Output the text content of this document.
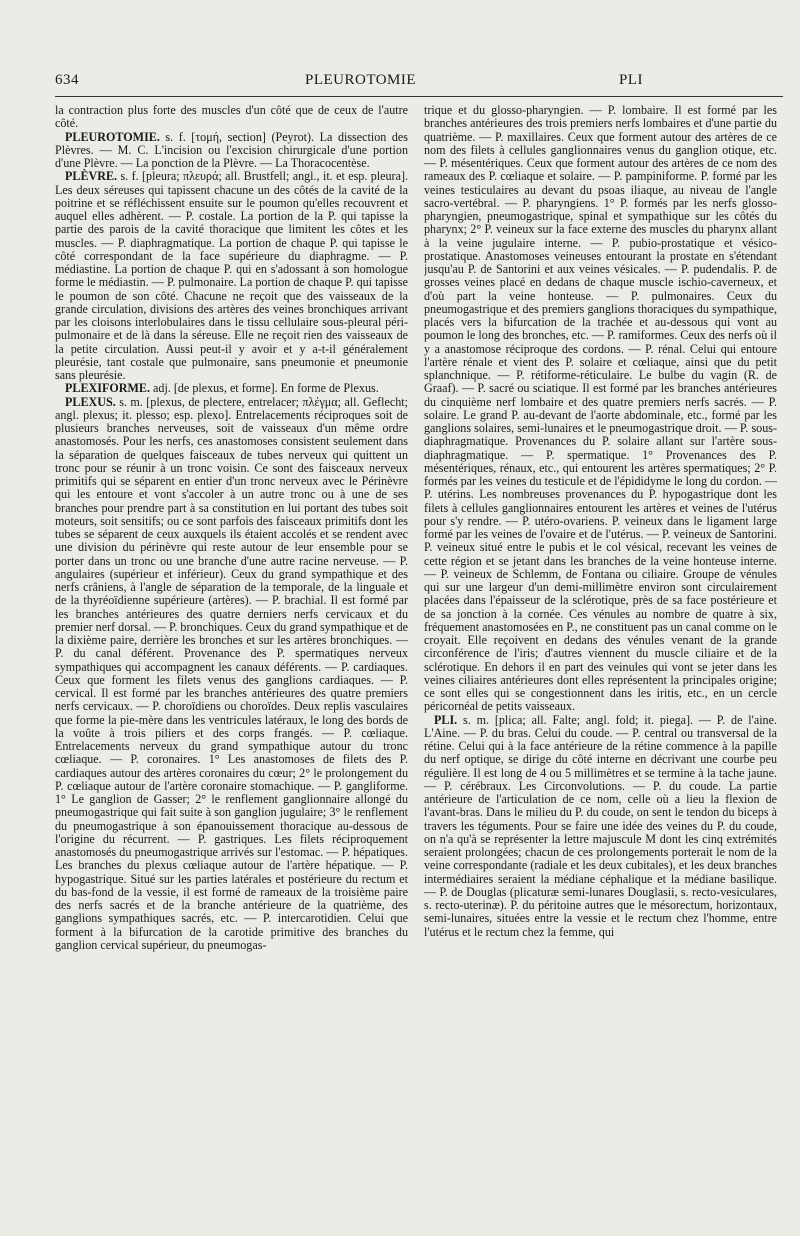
634	PLEUROTOMIE	PLI

la contraction plus forte des muscles d'un côté que de ceux de l'autre côté.

PLEUROTOMIE. s. f. [τομή, section] (Peyrot). La dissection des Plèvres. — M. C. L'incision ou l'excision chirurgicale d'une portion d'une Plèvre. — La ponction de la Plèvre. — La Thoracocentèse.

PLÈVRE. s. f. [pleura; πλευρά; all. Brustfell; angl., it. et esp. pleura]. Les deux séreuses qui tapissent chacune un des côtés de la cavité de la poitrine et se réfléchissent ensuite sur le poumon qu'elles recouvrent et auquel elles adhèrent. — P. costale. La portion de la P. qui tapisse la partie des parois de la cavité thoracique que limitent les côtes et les muscles. — P. diaphragmatique. La portion de chaque P. qui tapisse le côté correspondant de la face supérieure du diaphragme. — P. médiastine. La portion de chaque P. qui en s'adossant à son homologue forme le médiastin. — P. pulmonaire. La portion de chaque P. qui tapisse le poumon de son côté. Chacune ne reçoit que des vaisseaux de la grande circulation, divisions des artères des veines bronchiques arrivant par les cloisons interlobulaires dans le tissu cellulaire sous-pleural péri-pulmonaire et de là dans la séreuse. Elle ne reçoit rien des vaisseaux de la petite circulation. Aussi peut-il y avoir et y a-t-il généralement pleurésie, tant costale que pulmonaire, sans pneumonie et pneumonie sans pleurésie.

PLEXIFORME. adj. [de plexus, et forme]. En forme de Plexus.

PLEXUS. s. m. [plexus, de plectere, entrelacer; πλέγμα; all. Geflecht; angl. plexus; it. plesso; esp. plexo]. Entrelacements réciproques soit de plusieurs branches nerveuses, soit de vaisseaux d'un même ordre anastomosés. Pour les nerfs, ces anastomoses consistent seulement dans la séparation de quelques faisceaux de tubes nerveux qui quittent un tronc pour se réunir à un tronc voisin. Ce sont des faisceaux nerveux primitifs qui se séparent en entier d'un tronc nerveux avec le Périnèvre qui les entoure et vont s'accoler à un autre tronc ou à une de ses branches pour prendre part à sa constitution en lui portant des tubes soit moteurs, soit sensitifs; ou ce sont parfois des faisceaux primitifs dont les tubes se séparent de ceux auxquels ils étaient accolés et se rendent avec une division du périnèvre qui reste autour de leur ensemble pour se porter dans un tronc ou une branche d'une autre racine nerveuse. — P. angulaires (supérieur et inférieur). Ceux du grand sympathique et des nerfs crâniens, à l'angle de séparation de la temporale, de la linguale et de la thyréoïdienne supérieure (artères). — P. brachial. Il est formé par les branches antérieures des quatre derniers nerfs cervicaux et du premier nerf dorsal. — P. bronchiques. Ceux du grand sympathique et de la dixième paire, derrière les bronches et sur les artères bronchiques. — P. du canal déférent. Provenance des P. spermatiques nerveux sympathiques qui accompagnent les canaux déférents. — P. cardiaques. Ceux que forment les filets venus des ganglions cardiaques. — P. cervical. Il est formé par les branches antérieures des quatre premiers nerfs cervicaux. — P. choroïdiens ou choroïdes. Deux replis vasculaires que forme la pie-mère dans les ventricules latéraux, le long des bords de la voûte à trois piliers et des corps frangés. — P. cœliaque. Entrelacements nerveux du grand sympathique autour du tronc cœliaque. — P. coronaires. 1° Les anastomoses de filets des P. cardiaques autour des artères coronaires du cœur; 2° le prolongement du P. cœliaque autour de l'artère coronaire stomachique. — P. gangliforme. 1° Le ganglion de Gasser; 2° le renflement ganglionnaire allongé du pneumogastrique qui fait suite à son ganglion jugulaire; 3° le renflement du pneumogastrique à son épanouissement thoracique au-dessous de l'origine du récurrent. — P. gastriques. Les filets réciproquement anastomosés du pneumogastrique arrivés sur l'estomac. — P. hépatiques. Les branches du plexus cœliaque autour de l'artère hépatique. — P. hypogastrique. Situé sur les parties latérales et postérieure du rectum et du bas-fond de la vessie, il est formé de rameaux de la troisième paire des nerfs sacrés et de la branche antérieure de la quatrième, des ganglions sympathiques sacrés, etc. — P. intercarotidien. Celui que forment à la bifurcation de la carotide primitive des branches du ganglion cervical supérieur, du pneumogas-

trique et du glosso-pharyngien. — P. lombaire. Il est formé par les branches antérieures des trois premiers nerfs lombaires et d'une partie du quatrième. — P. maxillaires. Ceux que forment autour des artères de ce nom des filets à cellules ganglionnaires venus du ganglion otique, etc. — P. mésentériques. Ceux que forment autour des artères de ce nom des rameaux des P. cœliaque et solaire. — P. pampiniforme. P. formé par les veines testiculaires au devant du psoas iliaque, au niveau de l'angle sacro-vertébral. — P. pharyngiens. 1° P. formés par les nerfs glosso-pharyngien, pneumogastrique, spinal et sympathique sur les côtés du pharynx; 2° P. veineux sur la face externe des muscles du pharynx allant à la veine jugulaire interne. — P. pubio-prostatique et vésico-prostatique. Anastomoses veineuses entourant la prostate en s'étendant jusqu'au P. de Santorini et aux veines vésicales. — P. pudendalis. P. de grosses veines placé en dedans de chaque muscle ischio-caverneux, et d'où part la veine honteuse. — P. pulmonaires. Ceux du pneumogastrique et des premiers ganglions thoraciques du sympathique, placés vers la bifurcation de la trachée et au-dessous qui vont au poumon le long des bronches, etc. — P. ramiformes. Ceux des nerfs où il y a anastomose réciproque des cordons. — P. rénal. Celui qui entoure l'artère rénale et vient des P. solaire et cœliaque, ainsi que du petit splanchnique. — P. rétiforme-réticulaire. Le bulbe du vagin (R. de Graaf). — P. sacré ou sciatique. Il est formé par les branches antérieures du cinquième nerf lombaire et des quatre premiers nerfs sacrés. — P. solaire. Le grand P. au-devant de l'aorte abdominale, etc., formé par les ganglions solaires, semi-lunaires et le pneumogastrique droit. — P. sous-diaphragmatique. Provenances du P. solaire allant sur l'artère sous-diaphragmatique. — P. spermatique. 1° Provenances des P. mésentériques, rénaux, etc., qui entourent les artères spermatiques; 2° P. formés par les veines du testicule et de l'épididyme le long du cordon. — P. utérins. Les nombreuses provenances du P. hypogastrique dont les filets à cellules ganglionnaires entourent les artères et veines de l'utérus pour s'y rendre. — P. utéro-ovariens. P. veineux dans le ligament large formé par les veines de l'ovaire et de l'utérus. — P. veineux de Santorini. P. veineux situé entre le pubis et le col vésical, recevant les veines de cette région et se jetant dans les branches de la veine honteuse interne. — P. veineux de Schlemm, de Fontana ou ciliaire. Groupe de vénules qui sur une largeur d'un demi-millimètre environ sont circulairement placées dans l'épaisseur de la sclérotique, près de sa face postérieure et de sa jonction à la cornée. Ces vénules au nombre de quatre à six, fréquement anastomosées en P., ne constituent pas un canal comme on le croyait. Elle reçoivent en dedans des vénules venant de la grande circonférence de l'iris; d'autres viennent du muscle ciliaire et de la sclérotique. En dehors il en part des veinules qui vont se jeter dans les veines ciliaires antérieures dont elles représentent la principales origine; ce sont elles qui se congestionnent dans les iritis, etc., en un cercle péricornéal de petits vaisseaux.

PLI. s. m. [plica; all. Falte; angl. fold; it. piega]. — P. de l'aine. L'Aine. — P. du bras. Celui du coude. — P. central ou transversal de la rétine. Celui qui à la face antérieure de la rétine commence à la papille du nerf optique, se dirige du côté interne en décrivant une courbe peu régulière. Il est long de 4 ou 5 millimètres et se termine à la tache jaune. — P. cérébraux. Les Circonvolutions. — P. du coude. La partie antérieure de l'articulation de ce nom, celle où a lieu la flexion de l'avant-bras. Dans le milieu du P. du coude, on sent le tendon du biceps à travers les téguments. Pour se faire une idée des veines du P. du coude, on n'a qu'à se représenter la lettre majuscule M dont les cinq extrémités seraient prolongées; chacun de ces prolongements porterait le nom de la veine correspondante (radiale et les deux cubitales), et les deux branches intermédiaires seraient la médiane céphalique et la médiane basilique. — P. de Douglas (plicaturæ semi-lunares Douglasii, s. recto-vesiculares, s. recto-uterinæ). P. du péritoine autres que le mésorectum, horizontaux, semi-lunaires, situées entre la vessie et le rectum chez l'homme, entre l'utérus et le rectum chez la femme, qui
